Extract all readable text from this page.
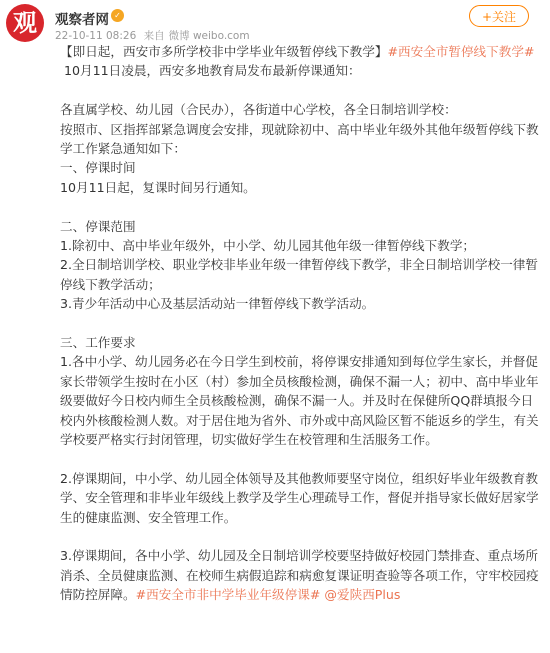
观	观察者网 ✓
22-10-11 08:26 来自 微博 weibo.com
+关注

【即日起，西安市多所学校非中学毕业年级暂停线下教学】#西安全市暂停线下教学#

10月11日凌晨，西安多地教育局发布最新停课通知：

各直属学校、幼儿园（合民办），各街道中心学校，各全日制培训学校：

按照市、区指挥部紧急调度会安排，现就除初中、高中毕业年级外其他年级暂停线下教

学工作紧急通知如下：

一、停课时间

10月11日起，复课时间另行通知。

二、停课范围

1.除初中、高中毕业年级外，中小学、幼儿园其他年级一律暂停线下教学；

2.全日制培训学校、职业学校非毕业年级一律暂停线下教学，非全日制培训学校一律暂

停线下教学活动；

3.青少年活动中心及基层活动站一律暂停线下教学活动。

三、工作要求

1.各中小学、幼儿园务必在今日学生到校前，将停课安排通知到每位学生家长，并督促

家长带领学生按时在小区（村）参加全员核酸检测，确保不漏一人；初中、高中毕业年

级要做好今日校内师生全员核酸检测，确保不漏一人。并及时在保健所QQ群填报今日

校内外核酸检测人数。对于居住地为省外、市外或中高风险区暂不能返乡的学生，有关

学校要严格实行封闭管理，切实做好学生在校管理和生活服务工作。

2.停课期间，中小学、幼儿园全体领导及其他教师要坚守岗位，组织好毕业年级教育教

学、安全管理和非毕业年级线上教学及学生心理疏导工作，督促并指导家长做好居家学

生的健康监测、安全管理工作。

3.停课期间，各中小学、幼儿园及全日制培训学校要坚持做好校园门禁排查、重点场所

消杀、全员健康监测、在校师生病假追踪和病愈复课证明查验等各项工作，守牢校园疫

情防控屏障。#西安全市非中学毕业年级停课# @爱陕西Plus
